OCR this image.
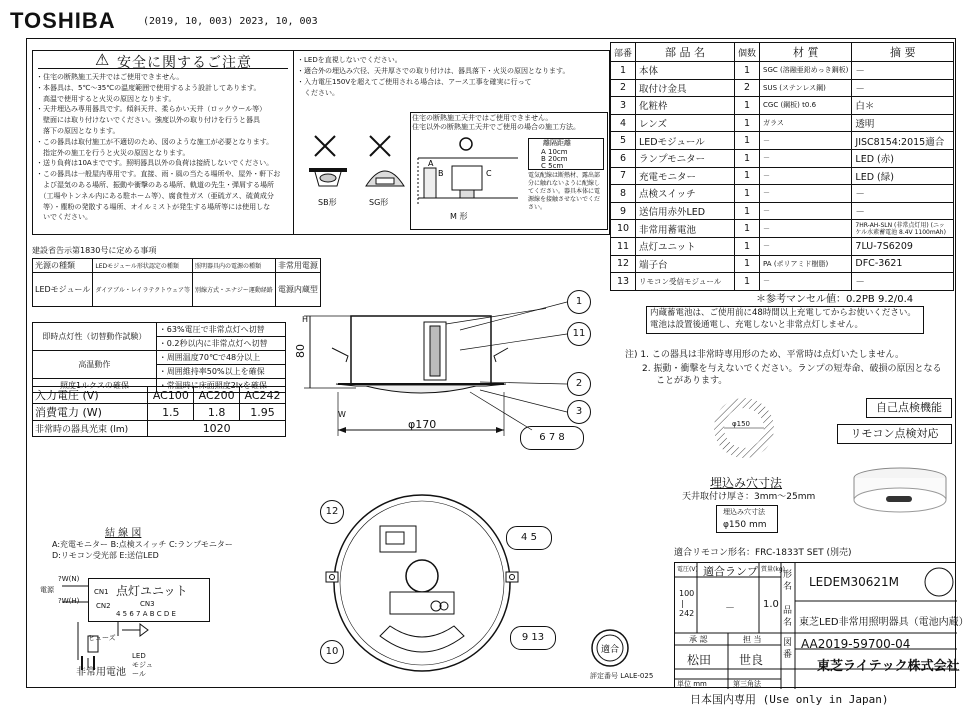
TOSHIBA	(2019, 10, 003) 2023, 10, 003
⚠ 安全に関するご注意
・住宅の断熱施工天井ではご使用できません。
・本器具は、5℃～35℃の温度範囲で使用するよう設計してあります。
　高温で使用すると火災の原因となります。
・天井埋込み専用器具です。傾斜天井、柔らかい天井（ロックウール等）
　壁面には取り付けないでください。強度以外の取り付けを行うと器具
　落下の原因となります。
・この器具は取付施工が不適切のため、図のような施工が必要となります。
　指定外の施工を行うと火災の原因となります。
・送り負荷は10Aまでです。照明器具以外の負荷は接続しないでください。
・この器具は一般屋内専用です。直接、雨・風の当たる場所や、屋外・軒下お
　よび湿気のある場所、振動や衝撃のある場所、軌道の先生・弾屑する場所
　（工場やトンネル内にある駐ホーム等）、腐食性ガス（亜硫ガス、硫黄成分
　等）・塵粉の発散する場所、オイルミストが発生する場所等には使用しな
　いでください。
・LEDを直視しないでください。
・適合外の埋込み穴径、天井厚さでの取り付けは、器具落下・火災の原因となります。
・入力電圧150Vを超えてご使用される場合は、アース工事を確実に行って
　ください。
SB形	SG形
住宅の断熱施工天井ではご使用できません。
住宅以外の断熱施工天井でご使用の場合の施工方法。
B
A
C
M 形
離隔距離
A 10cm
B 20cm
C 5cm
電気配線は断熱材、露出部分に触れないように配線してください。器具本体に電源線を接触させないでください。
建設省告示第1830号に定める事項
光源の種類	LEDモジュール形状認定の種類	照明器具内の電源の種類	非常用電源
LEDモジュール	ダイアブル・レイラテクトウェア等	別線方式・エナジー運動経路	電源内蔵型
即時点灯性（切替動作試験）	・63%電圧で非常点灯へ切替
	・0.2秒以内に非常点灯へ切替
高温動作	・周囲温度70℃で48分以上
	・周囲維持率50%以上を確保
照度1ルクスの確保	・常温時に床面照度2lxを確保
入力電圧 (V)	AC100	AC200	AC242
消費電力 (W)	1.5	1.8	1.95
非常時の器具光束 (lm)	1020		
80
H
φ170
W
1
11
2
3
6 7 8
12
4 5
10
9 13
結 線 図
A:充電モニター B:点検スイッチ C:ランプモニター
D:リモコン受光部 E:送信LED
点灯ユニット
電源
?W(N)
?W(H)
CN1
CN2	CN3
4 5 6 7 A B C D E
ヒューズ
非常用電池
LED モジュール
部番	部 品 名	個数	材 質	摘 要
1	本体	1	SGC (溶融亜鉛めっき鋼板)	－
2	取付け金具	2	SUS (ステンレス鋼)	－
3	化粧枠	1	CGC (鋼板) t0.6	白＊
4	レンズ	1	ガラス	透明
5	LEDモジュール	1	－	JISC8154:2015適合
6	ランプモニター	1	－	LED (赤)
7	充電モニター	1	－	LED (緑)
8	点検スイッチ	1	－	－
9	送信用赤外LED	1	－	－
10	非常用蓄電池	1	－	7HR-AH-SLN (非常点灯用) (ニッケル水素蓄電池 8.4V 1100mAh)
11	点灯ユニット	1	－	7LU-7S6209
12	端子台	1	PA (ポリアミド樹脂)	DFC-3621
13	リモコン受信モジュール	1	－	－
＊参考マンセル値：0.2PB 9.2/0.4
内蔵蓄電池は、ご使用前に48時間以上充電してからお使いください。
電池は設置後通電し、充電しないと非常点灯しません。
注) 1. この器具は非常時専用形のため、平常時は点灯いたしません。
2. 振動・衝撃を与えないでください。ランプの短寿命、破損の原因となる
ことがあります。
自己点検機能
リモコン点検対応
φ150
埋込み穴寸法
天井取付け厚さ：3mm～25mm
埋込み穴寸法
φ150 mm
適合リモコン形名：FRC-1833T SET (別売)
電圧(V) 適合ランプ 質量(kg)
100
|
242	－	1.0
形名 LEDEM30621M
品名 東芝LED非常用照明器具（電池内蔵）
承 認	担 当
松田 世良
図番
AA2019-59700-04
単位 mm	第三角法
東芝ライテック株式会社
適合
評定番号 LALE-025
日本国内専用 (Use only in Japan)
